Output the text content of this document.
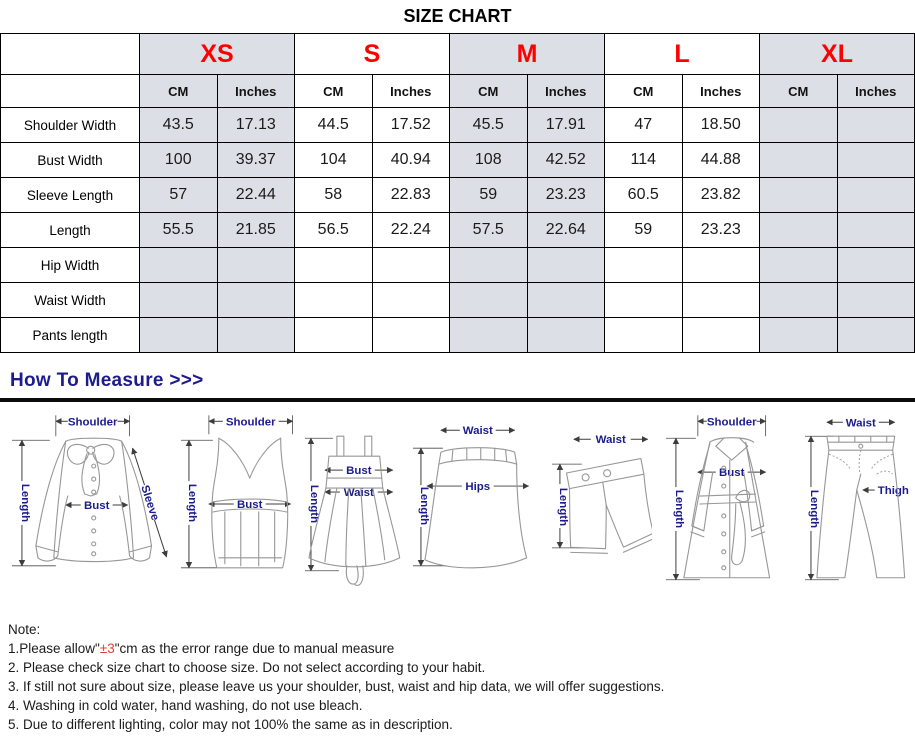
SIZE CHART
	XS		S		M		L		XL	
	CM	Inches	CM	Inches	CM	Inches	CM	Inches	CM	Inches
Shoulder Width	43.5	17.13	44.5	17.52	45.5	17.91	47	18.50		
Bust Width	100	39.37	104	40.94	108	42.52	114	44.88		
Sleeve Length	57	22.44	58	22.83	59	23.23	60.5	23.82		
Length	55.5	21.85	56.5	22.24	57.5	22.64	59	23.23		
Hip Width										
Waist Width										
Pants length										
How To Measure >>>
Shoulder
Length	Bust	Sleeve
Shoulder
Length	Bust	Length
Bust
Waist
Waist
Length	Hips
Waist
Length
Shoulder
Length
Bust
Waist
Length	Thigh
Note:
1.Please allow"±3"cm as the error range due to manual measure
2. Please check size chart to choose size. Do not select according to your habit.
3. If still not sure about size, please leave us your shoulder, bust, waist and hip data, we will offer suggestions.
4. Washing in cold water, hand washing, do not use bleach.
5. Due to different lighting, color may not 100% the same as in description.
